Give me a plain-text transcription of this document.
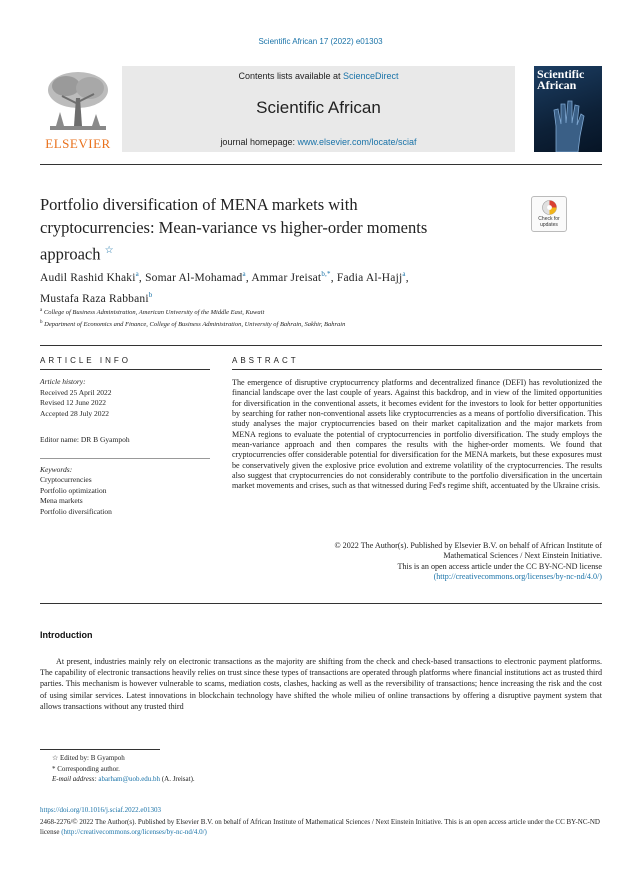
Scientific African 17 (2022) e01303
ELSEVIER
Contents lists available at ScienceDirect
Scientific African
journal homepage: www.elsevier.com/locate/sciaf
Scientific
African
Portfolio diversification of MENA markets with
cryptocurrencies: Mean-variance vs higher-order moments
approach ☆
Check for
updates
Audil Rashid Khaki$^a$, Somar Al-Mohamad$^a$, Ammar Jreisat$^{b,*}$, Fadia Al-Hajj$^a$,
Mustafa Raza Rabbani$^b$
$^a$ College of Business Administration, American University of the Middle East, Kuwait
$^b$ Department of Economics and Finance, College of Business Administration, University of Bahrain, Sakhir, Bahrain
ARTICLE INFO	ABSTRACT
Article history:
Received 25 April 2022
Revised 12 June 2022
Accepted 28 July 2022
Editor name: DR B Gyampoh
Keywords:
Cryptocurrencies
Portfolio optimization
Mena markets
Portfolio diversification
The emergence of disruptive cryptocurrency platforms and decentralized finance (DEFI) has revolutionized the financial landscape over the last couple of years. Against this backdrop, and in view of the limited opportunities for diversification in the conventional assets, it becomes evident for the investors to look for better opportunities by searching for rather non-conventional assets like cryptocurrencies as a means of portfolio diversification. This study analyses the major cryptocurrencies based on their market capitalization and the major markets from MENA regions to evaluate the potential of cryptocurrencies in portfolio diversification. The study employs the mean-variance approach and then compares the results with the higher-order moments. We found that cryptocurrencies offer considerable potential for diversification for the MENA markets, but these exposures must be conservatively given the explosive price evolution and extreme volatility of the cryptocurrencies. The results also suggest that cryptocurrencies do not considerably contribute to the portfolio diversification in the uncertain market movements and crises, such as that witnessed during Fed's regime shift, accentuated by the Ukraine crisis.
© 2022 The Author(s). Published by Elsevier B.V. on behalf of African Institute of
Mathematical Sciences / Next Einstein Initiative.
This is an open access article under the CC BY-NC-ND license
(http://creativecommons.org/licenses/by-nc-nd/4.0/)
Introduction
At present, industries mainly rely on electronic transactions as the majority are shifting from the check and check-based transactions to electronic payment platforms. The capability of electronic transactions heavily relies on trust since these types of transactions are operated through platforms where financial institutions act as trusted third parties. This mechanism is however vulnerable to scams, mediation costs, clashes, hacking as well as the reversibility of transactions; hence increasing the risk and the cost of using similar services. Latest innovations in blockchain technology have shifted the whole milieu of online transactions by offering a disruptive payment system that allows transactions without any trusted third
☆ Edited by: B Gyampoh
* Corresponding author.
E-mail address: abarham@uob.edu.bh (A. Jreisat).
https://doi.org/10.1016/j.sciaf.2022.e01303
2468-2276/© 2022 The Author(s). Published by Elsevier B.V. on behalf of African Institute of Mathematical Sciences / Next Einstein Initiative. This is an open access article under the CC BY-NC-ND license (http://creativecommons.org/licenses/by-nc-nd/4.0/)
